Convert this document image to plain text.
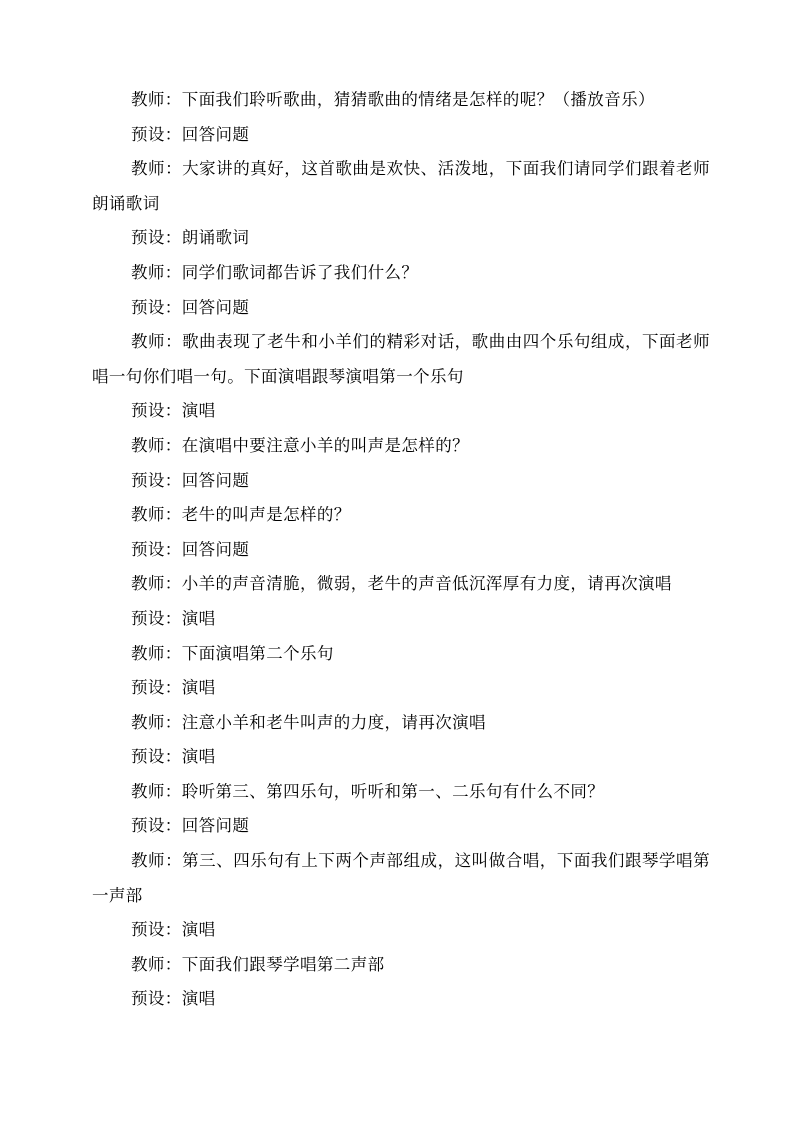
教师：下面我们聆听歌曲，猜猜歌曲的情绪是怎样的呢？（播放音乐）

预设：回答问题

教师：大家讲的真好，这首歌曲是欢快、活泼地，下面我们请同学们跟着老师朗诵歌词

预设：朗诵歌词

教师：同学们歌词都告诉了我们什么？

预设：回答问题

教师：歌曲表现了老牛和小羊们的精彩对话，歌曲由四个乐句组成，下面老师唱一句你们唱一句。下面演唱跟琴演唱第一个乐句

预设：演唱

教师：在演唱中要注意小羊的叫声是怎样的？

预设：回答问题

教师：老牛的叫声是怎样的？

预设：回答问题

教师：小羊的声音清脆，微弱，老牛的声音低沉浑厚有力度，请再次演唱

预设：演唱

教师：下面演唱第二个乐句

预设：演唱

教师：注意小羊和老牛叫声的力度，请再次演唱

预设：演唱

教师：聆听第三、第四乐句，听听和第一、二乐句有什么不同？

预设：回答问题

教师：第三、四乐句有上下两个声部组成，这叫做合唱，下面我们跟琴学唱第一声部

预设：演唱

教师：下面我们跟琴学唱第二声部

预设：演唱
